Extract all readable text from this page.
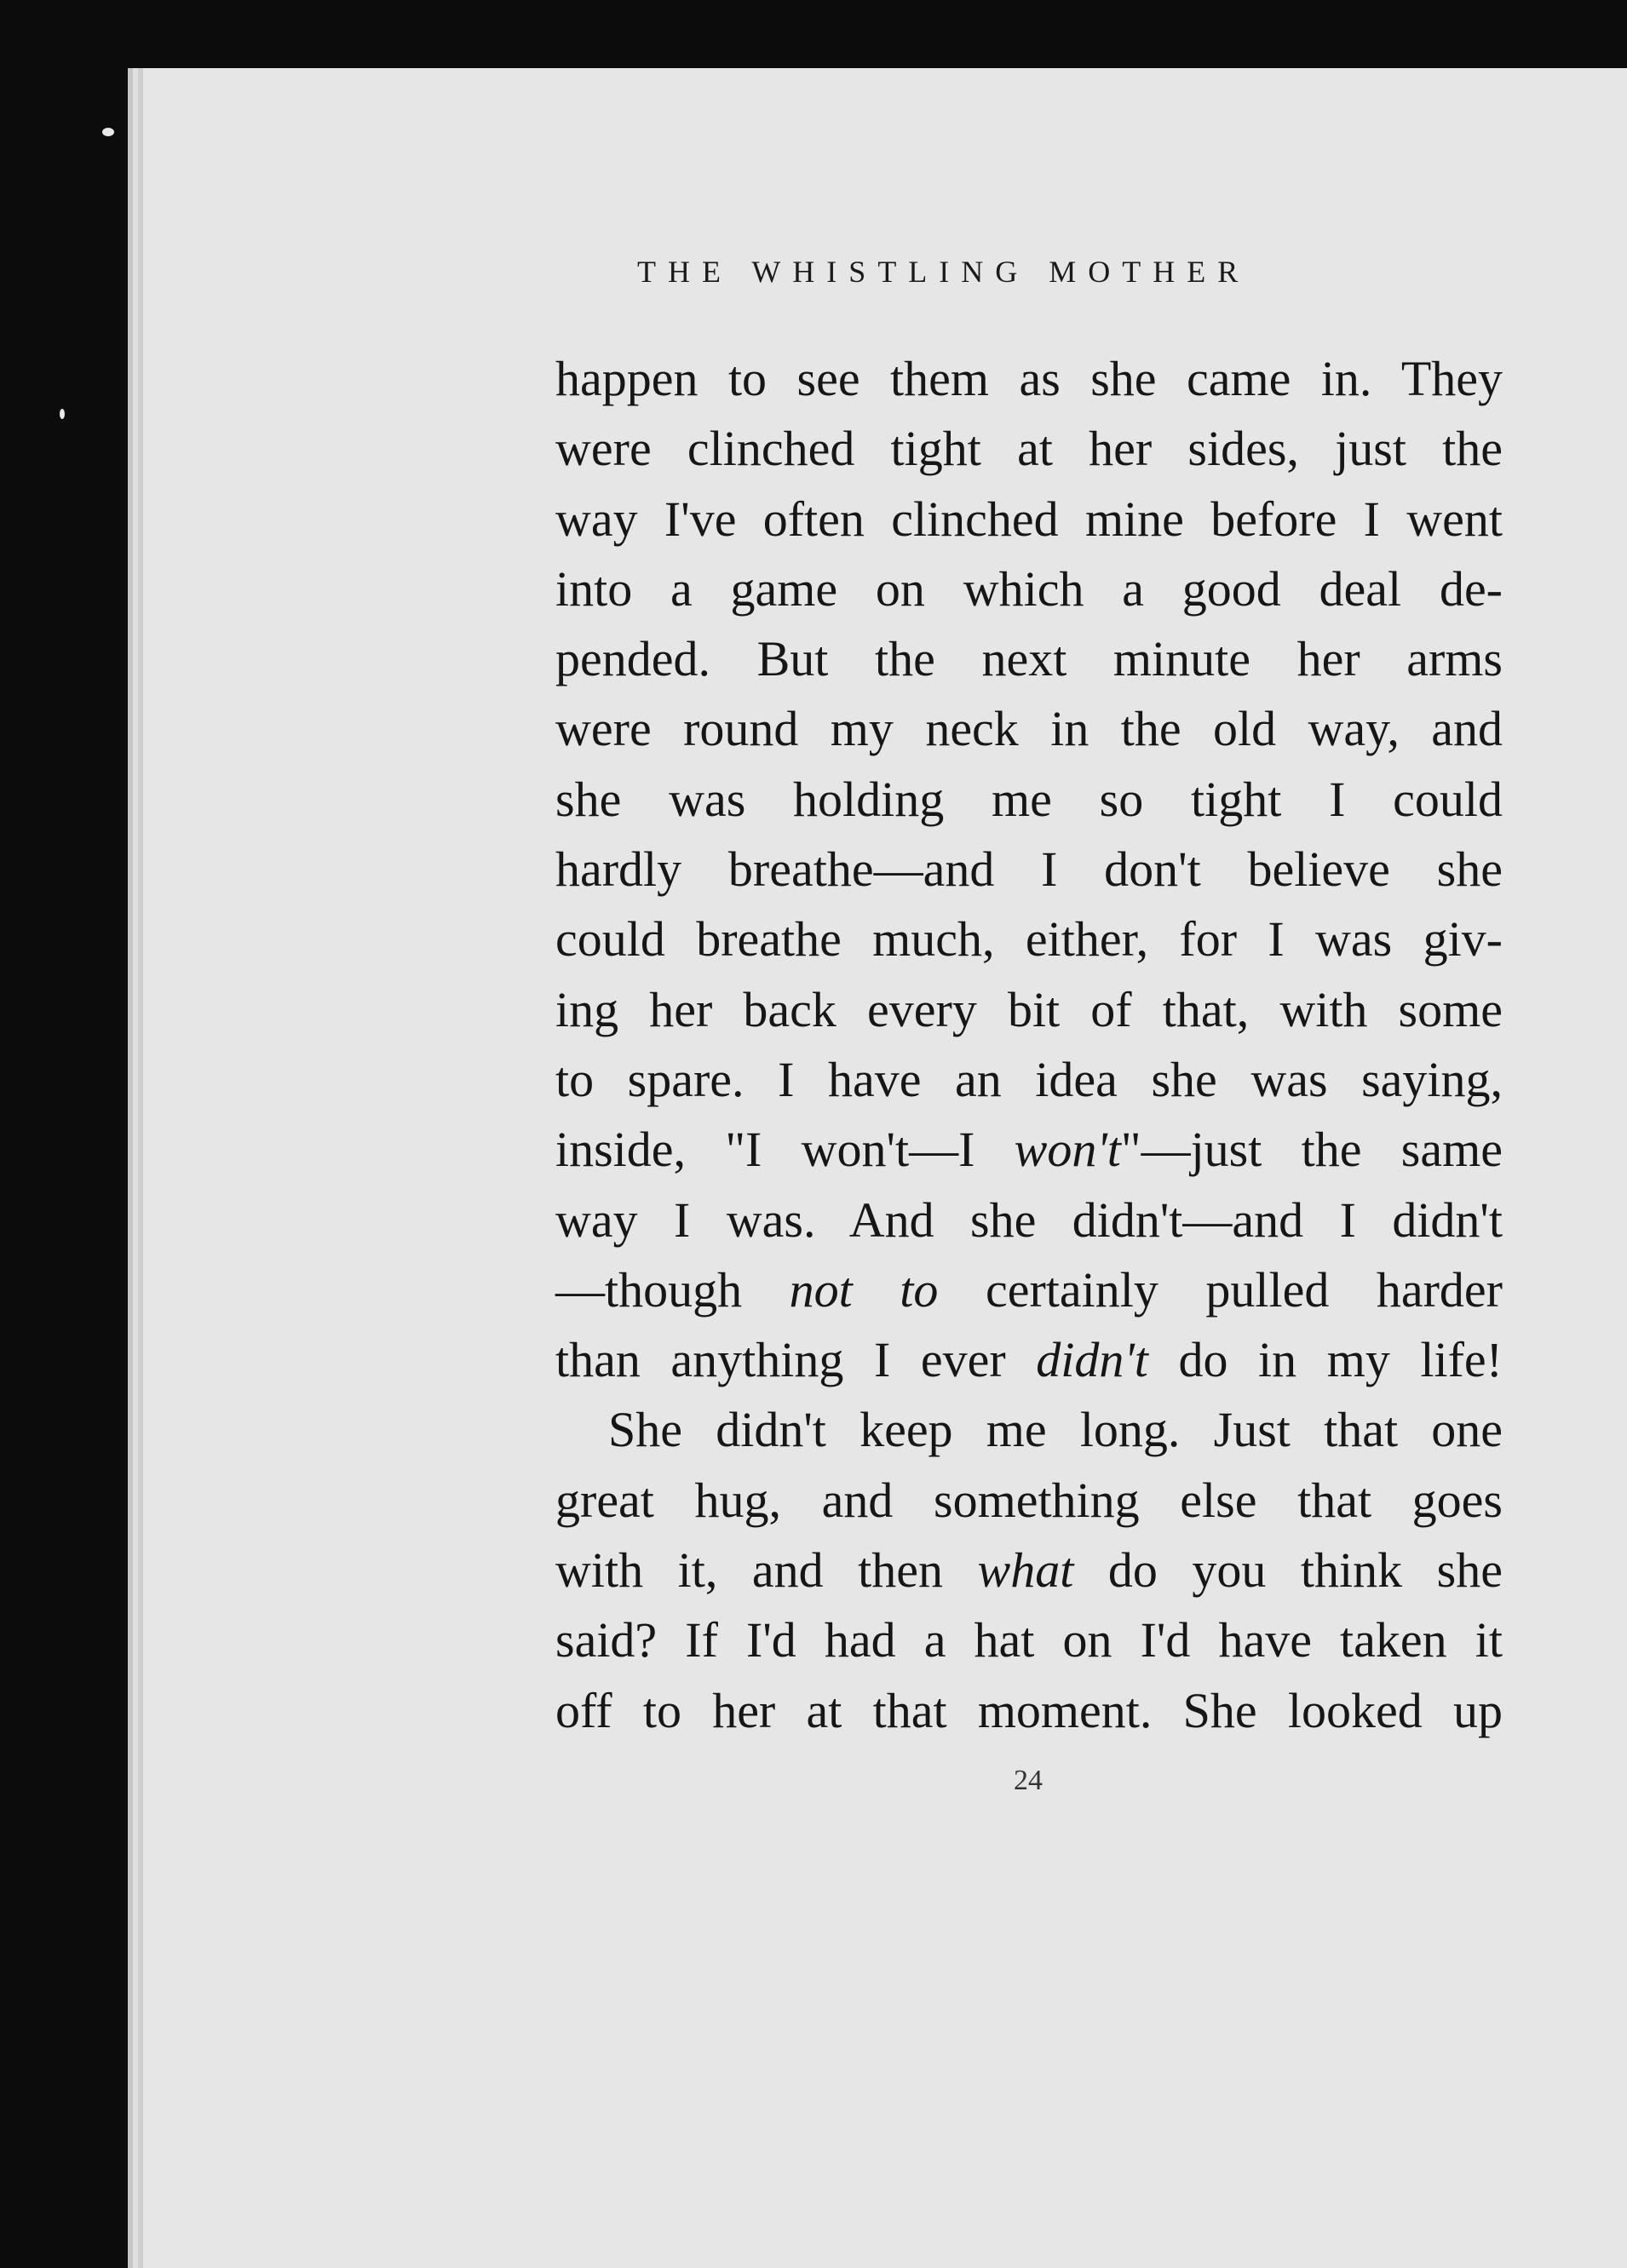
THE WHISTLING MOTHER
happen to see them as she came in. They
were clinched tight at her sides, just the
way I've often clinched mine before I went
into a game on which a good deal de-
pended. But the next minute her arms
were round my neck in the old way, and
she was holding me so tight I could
hardly breathe—and I don't believe she
could breathe much, either, for I was giv-
ing her back every bit of that, with some
to spare. I have an idea she was saying,
inside, "I won't—I won't"—just the same
way I was. And she didn't—and I didn't
—though not to certainly pulled harder
than anything I ever didn't do in my life!
She didn't keep me long. Just that one
great hug, and something else that goes
with it, and then what do you think she
said? If I'd had a hat on I'd have taken it
off to her at that moment. She looked up
24
